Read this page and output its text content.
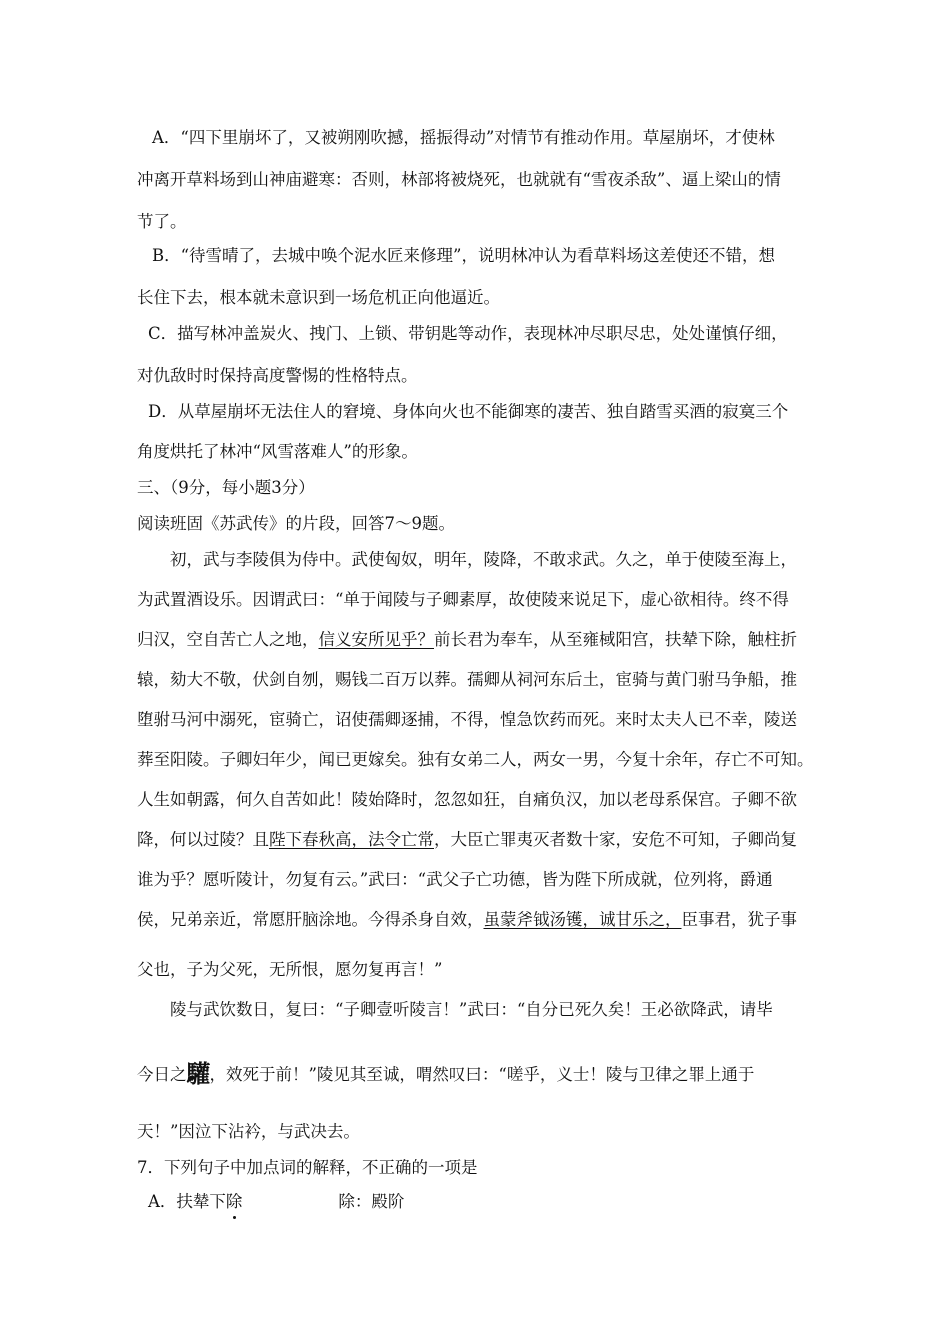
A．“四下里崩坏了，又被朔刚吹撼，摇振得动”对情节有推动作用。草屋崩坏，才使林
冲离开草料场到山神庙避寒：否则，林部将被烧死，也就就有“雪夜杀敌”、逼上梁山的情
节了。
B．“待雪晴了，去城中唤个泥水匠来修理”，说明林冲认为看草料场这差使还不错，想
长住下去，根本就未意识到一场危机正向他逼近。
C．描写林冲盖炭火、拽门、上锁、带钥匙等动作，表现林冲尽职尽忠，处处谨慎仔细，
对仇敌时时保持高度警惕的性格特点。
D．从草屋崩坏无法住人的窘境、身体向火也不能御寒的凄苦、独自踏雪买酒的寂寞三个
角度烘托了林冲“风雪落难人”的形象。
三、（9分，每小题3分）
阅读班固《苏武传》的片段，回答7～9题。
初，武与李陵俱为侍中。武使匈奴，明年，陵降，不敢求武。久之，单于使陵至海上，
为武置酒设乐。因谓武曰：“单于闻陵与子卿素厚，故使陵来说足下，虚心欲相待。终不得
归汉，空自苦亡人之地，信义安所见乎？前长君为奉车，从至雍棫阳宫，扶辇下除，触柱折
辕，劾大不敬，伏剑自刎，赐钱二百万以葬。孺卿从祠河东后土，宦骑与黄门驸马争船，推
堕驸马河中溺死，宦骑亡，诏使孺卿逐捕，不得，惶急饮药而死。来时太夫人已不幸，陵送
葬至阳陵。子卿妇年少，闻已更嫁矣。独有女弟二人，两女一男，今复十余年，存亡不可知。
人生如朝露，何久自苦如此！陵始降时，忽忽如狂，自痛负汉，加以老母系保宫。子卿不欲
降，何以过陵？且陛下春秋高，法令亡常，大臣亡罪夷灭者数十家，安危不可知，子卿尚复
谁为乎？愿听陵计，勿复有云。”武曰：“武父子亡功德，皆为陛下所成就，位列将，爵通
侯，兄弟亲近，常愿肝脑涂地。今得杀身自效，虽蒙斧钺汤镬，诚甘乐之，臣事君，犹子事
父也，子为父死，无所恨，愿勿复再言！”
陵与武饮数日，复曰：“子卿壹听陵言！”武曰：“自分已死久矣！王必欲降武，请毕
今日之驩，效死于前！”陵见其至诚，喟然叹曰：“嗟乎，义士！陵与卫律之罪上通于
天！”因泣下沾衿，与武决去。
7．下列句子中加点词的解释，不正确的一项是
A．扶辇下除	除：殿阶
